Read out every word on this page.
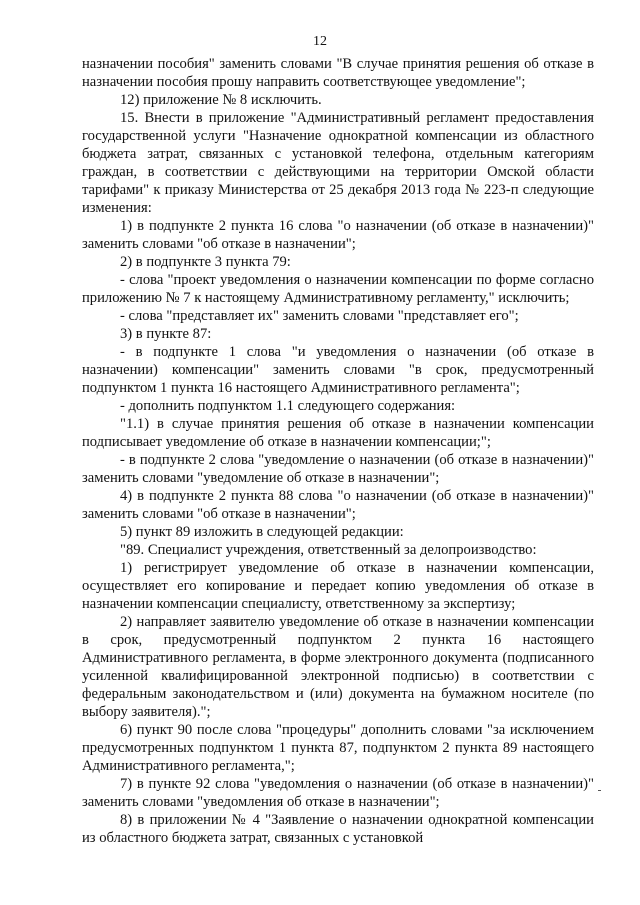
12

назначении пособия" заменить словами "В случае принятия решения об отказе в назначении пособия прошу направить соответствующее уведомление";

12) приложение № 8 исключить.

15. Внести в приложение "Административный регламент предоставления государственной услуги "Назначение однократной компенсации из областного бюджета затрат, связанных с установкой телефона, отдельным категориям граждан, в соответствии с действующими на территории Омской области тарифами" к приказу Министерства от 25 декабря 2013 года № 223-п следующие изменения:

1) в подпункте 2 пункта 16 слова "о назначении (об отказе в назначении)" заменить словами "об отказе в назначении";

2) в подпункте 3 пункта 79:

- слова "проект уведомления о назначении компенсации по форме согласно приложению № 7 к настоящему Административному регламенту," исключить;

- слова "представляет их" заменить словами "представляет его";

3) в пункте 87:

- в подпункте 1 слова "и уведомления о назначении (об отказе в назначении) компенсации" заменить словами "в срок, предусмотренный подпунктом 1 пункта 16 настоящего Административного регламента";

- дополнить подпунктом 1.1 следующего содержания:

"1.1) в случае принятия решения об отказе в назначении компенсации подписывает уведомление об отказе в назначении компенсации;";

- в подпункте 2 слова "уведомление о назначении (об отказе в назначении)" заменить словами "уведомление об отказе в назначении";

4) в подпункте 2 пункта 88 слова "о назначении (об отказе в назначении)" заменить словами "об отказе в назначении";

5) пункт 89 изложить в следующей редакции:

"89. Специалист учреждения, ответственный за делопроизводство:

1) регистрирует уведомление об отказе в назначении компенсации, осуществляет его копирование и передает копию уведомления об отказе в назначении компенсации специалисту, ответственному за экспертизу;

2) направляет заявителю уведомление об отказе в назначении компенсации в срок, предусмотренный подпунктом 2 пункта 16 настоящего Административного регламента, в форме электронного документа (подписанного усиленной квалифицированной электронной подписью) в соответствии с федеральным законодательством и (или) документа на бумажном носителе (по выбору заявителя).";

6) пункт 90 после слова "процедуры" дополнить словами "за исключением предусмотренных подпунктом 1 пункта 87, подпунктом 2 пункта 89 настоящего Административного регламента,";

7) в пункте 92 слова "уведомления о назначении (об отказе в назначении)" заменить словами "уведомления об отказе в назначении";

8) в приложении № 4 "Заявление о назначении однократной компенсации из областного бюджета затрат, связанных с установкой
